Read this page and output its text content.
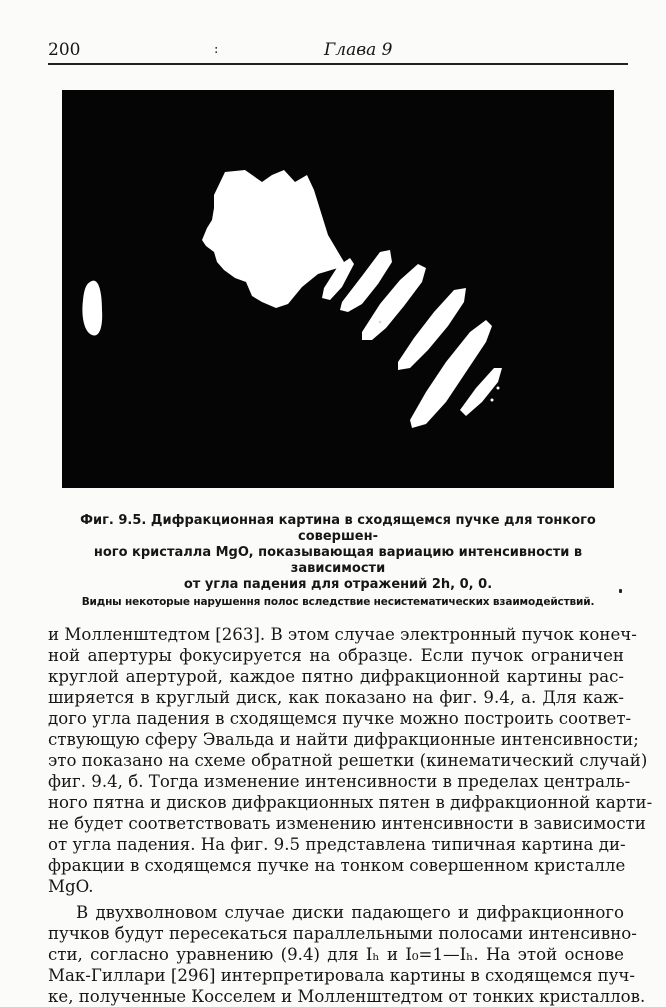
200	:	Глава 9

Фиг. 9.5. Дифракционная картина в сходящемся пучке для тонкого совершен-

ного кристалла MgO, показывающая вариацию интенсивности в зависимости

от угла падения для отражений 2h, 0, 0.

Видны некоторые нарушення полос вследствие несистематических взаимодействий.

и Молленштедтом [263]. В этом случае электронный пучок конеч-

ной апертуры фокусируется на образце. Если пучок ограничен

круглой апертурой, каждое пятно дифракционной картины рас-

ширяется в круглый диск, как показано на фиг. 9.4, а. Для каж-

дого угла падения в сходящемся пучке можно построить соответ-

ствующую сферу Эвальда и найти дифракционные интенсивности;

это показано на схеме обратной решетки (кинематический случай)

фиг. 9.4, б. Тогда изменение интенсивности в пределах централь-

ного пятна и дисков дифракционных пятен в дифракционной карти-

не будет соответствовать изменению интенсивности в зависимости

от угла падения. На фиг. 9.5 представлена типичная картина ди-

фракции в сходящемся пучке на тонком совершенном кристалле

MgO.

В двухволновом случае диски падающего и дифракционного

пучков будут пересекаться параллельными полосами интенсивно-

сти, согласно уравнению (9.4) для Iₕ и I₀=1—Iₕ. На этой основе

Мак-Гиллари [296] интерпретировала картины в сходящемся пуч-

ке, полученные Косселем и Молленштедтом от тонких кристаллов.
